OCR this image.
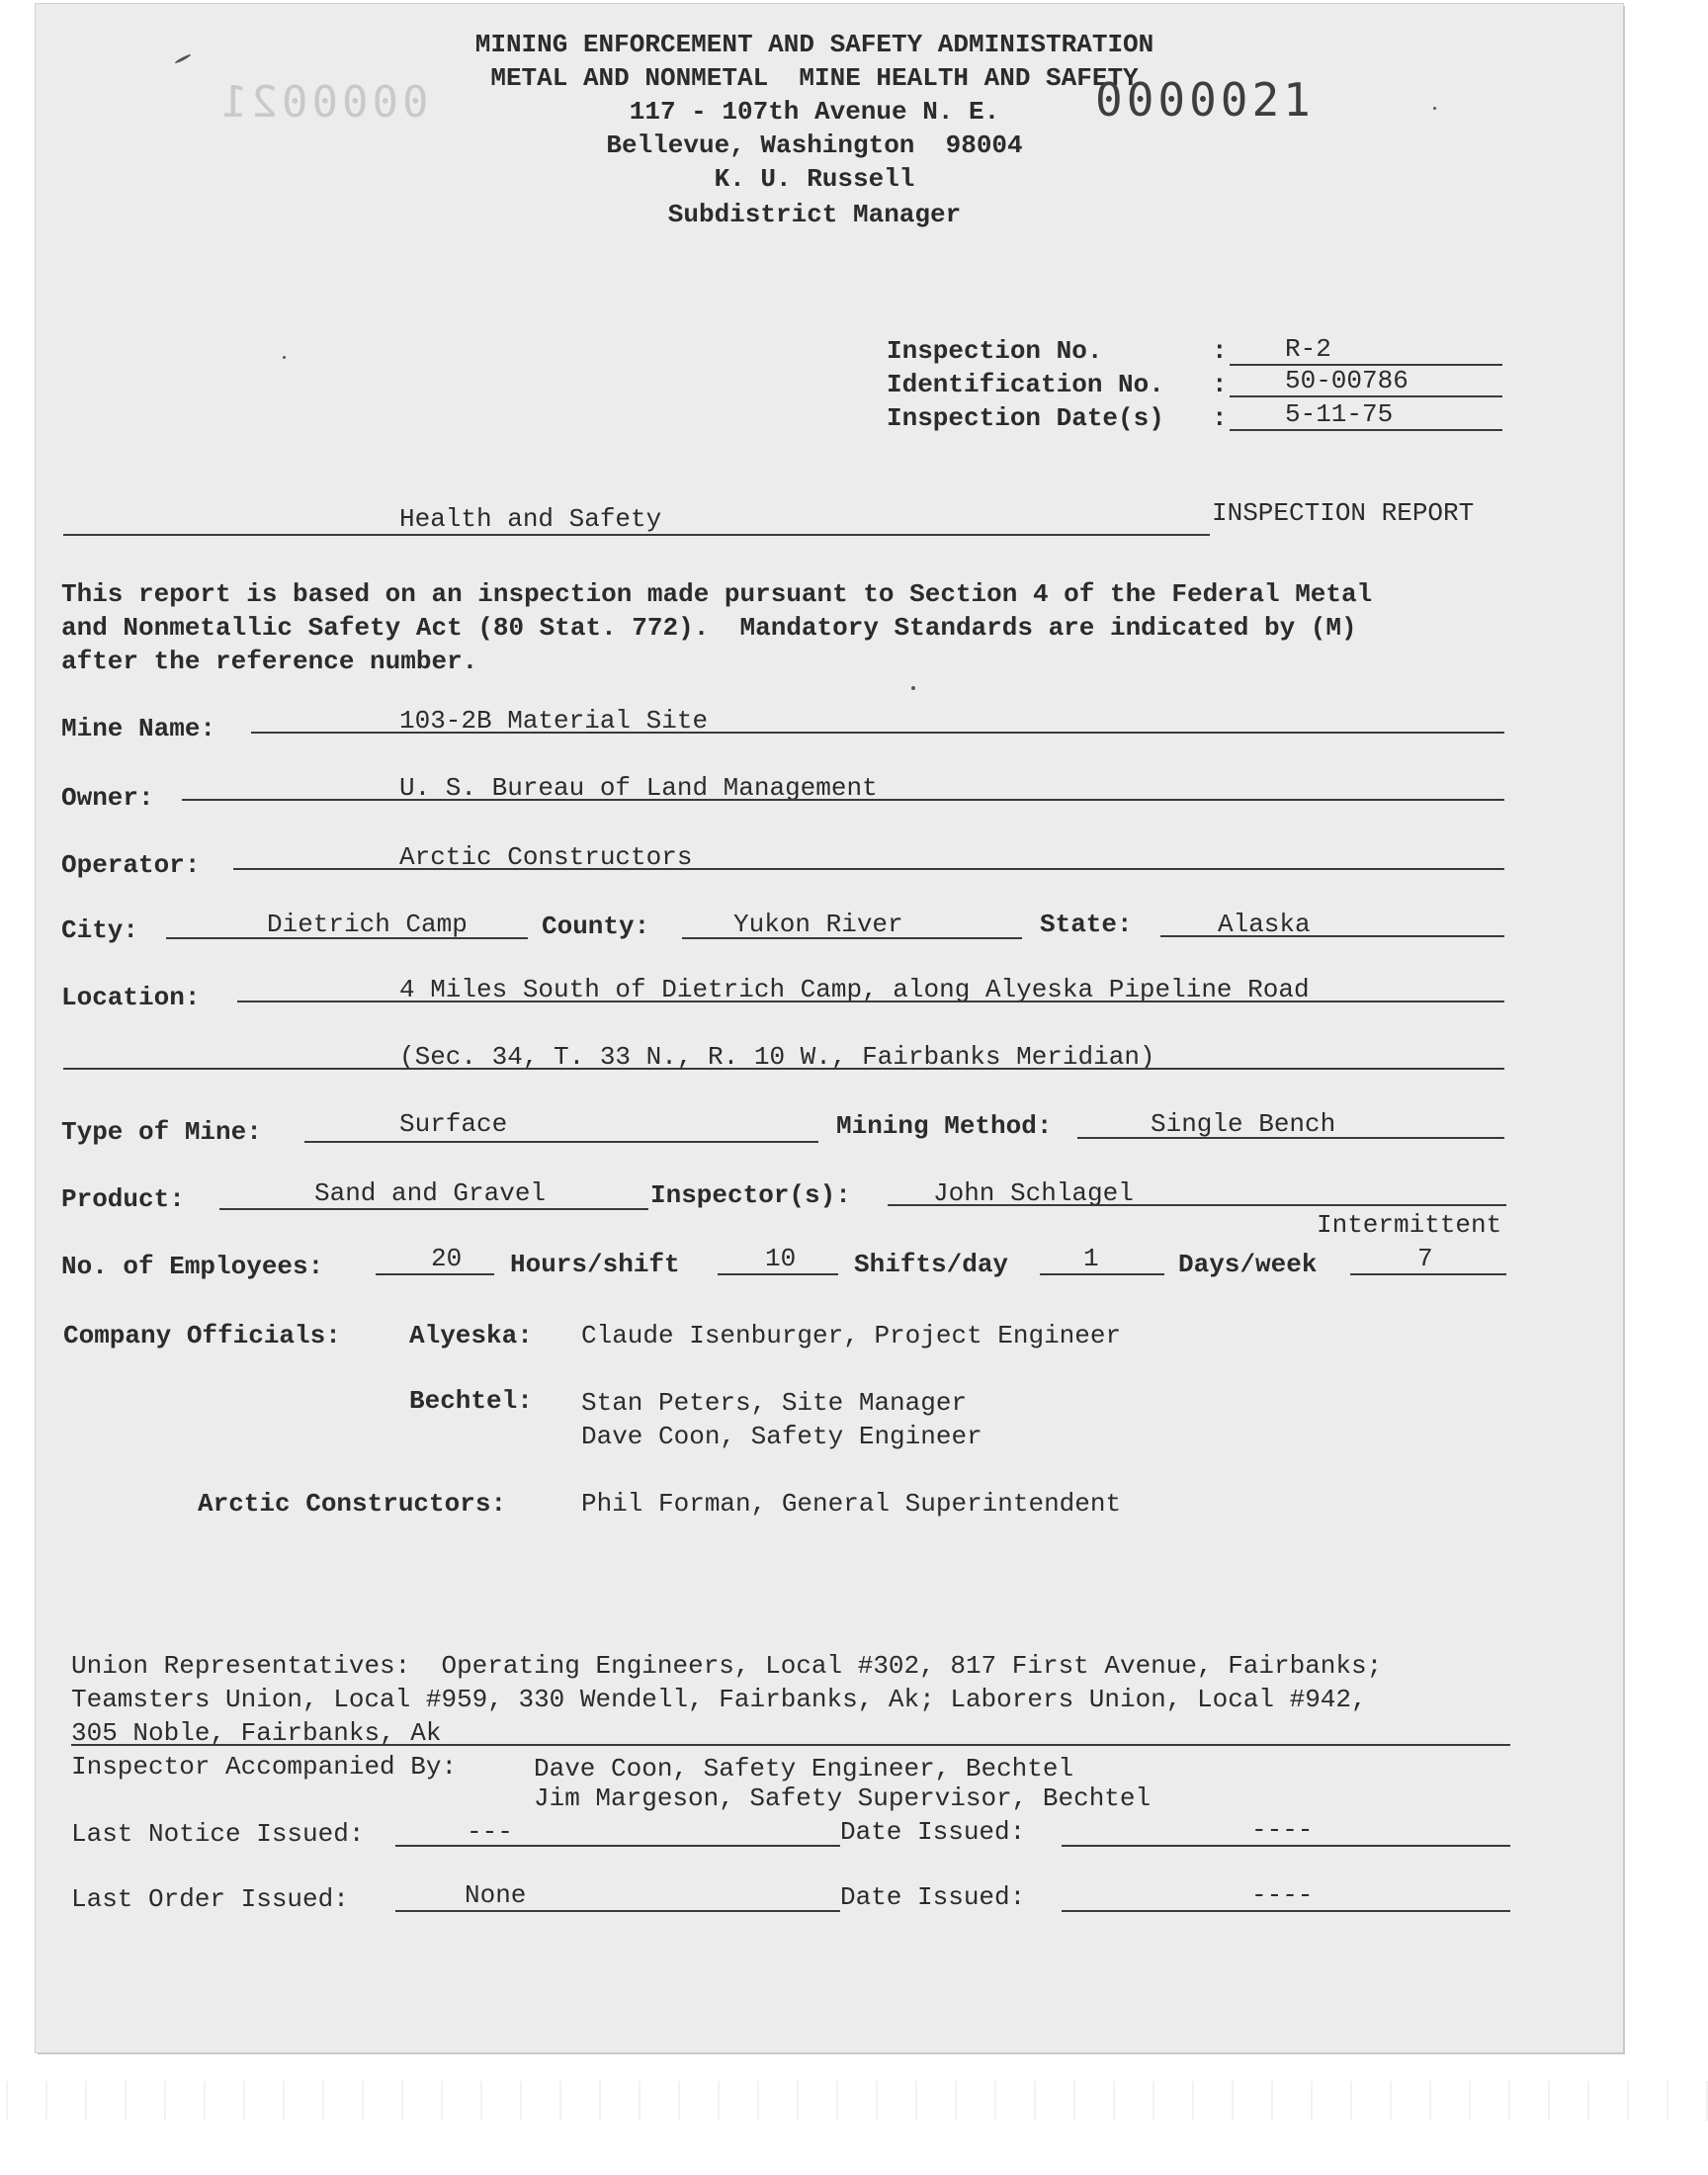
0000021
MINING ENFORCEMENT AND SAFETY ADMINISTRATION
METAL AND NONMETAL  MINE HEALTH AND SAFETY
117 - 107th Avenue N. E.
Bellevue, Washington  98004
K. U. Russell
Subdistrict Manager
0000021
Inspection No.	: R-2
Identification No. : 50-00786
Inspection Date(s) : 5-11-75
Health and Safety	INSPECTION REPORT
This report is based on an inspection made pursuant to Section 4 of the Federal Metal
and Nonmetallic Safety Act (80 Stat. 772).  Mandatory Standards are indicated by (M)
after the reference number.
Mine Name:	103-2B Material Site
Owner:	U. S. Bureau of Land Management
Operator:	Arctic Constructors
City:	Dietrich Camp	County:	Yukon River	State:	Alaska
Location:	4 Miles South of Dietrich Camp, along Alyeska Pipeline Road
(Sec. 34, T. 33 N., R. 10 W., Fairbanks Meridian)
Type of Mine:	Surface	Mining Method:	Single Bench
Product:	Sand and Gravel	Inspector(s):	John Schlagel
Intermittent
No. of Employees:	20 Hours/shift	10 Shifts/day	1	Days/week	7
Company Officials:	Alyeska: Claude Isenburger, Project Engineer
Bechtel: Stan Peters, Site Manager
Dave Coon, Safety Engineer
Arctic Constructors:	Phil Forman, General Superintendent
Union Representatives:  Operating Engineers, Local #302, 817 First Avenue, Fairbanks;
Teamsters Union, Local #959, 330 Wendell, Fairbanks, Ak; Laborers Union, Local #942,
305 Noble, Fairbanks, Ak
Inspector Accompanied By:	Dave Coon, Safety Engineer, Bechtel
Jim Margeson, Safety Supervisor, Bechtel
Last Notice Issued:	---	Date Issued:	----
Last Order Issued:	None	Date Issued:	----
